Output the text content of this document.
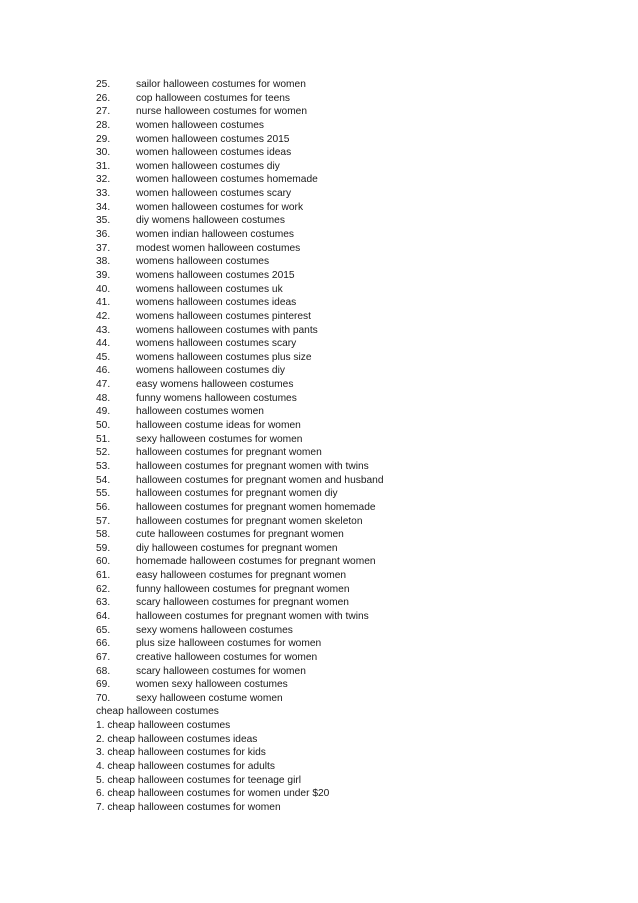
25.	sailor halloween costumes for women
26.	cop halloween costumes for teens
27.	nurse halloween costumes for women
28.	women halloween costumes
29.	women halloween costumes 2015
30.	women halloween costumes ideas
31.	women halloween costumes diy
32.	women halloween costumes homemade
33.	women halloween costumes scary
34.	women halloween costumes for work
35.	diy womens halloween costumes
36.	women indian halloween costumes
37.	modest women halloween costumes
38.	womens halloween costumes
39.	womens halloween costumes 2015
40.	womens halloween costumes uk
41.	womens halloween costumes ideas
42.	womens halloween costumes pinterest
43.	womens halloween costumes with pants
44.	womens halloween costumes scary
45.	womens halloween costumes plus size
46.	womens halloween costumes diy
47.	easy womens halloween costumes
48.	funny womens halloween costumes
49.	halloween costumes women
50.	halloween costume ideas for women
51.	sexy halloween costumes for women
52.	halloween costumes for pregnant women
53.	halloween costumes for pregnant women with twins
54.	halloween costumes for pregnant women and husband
55.	halloween costumes for pregnant women diy
56.	halloween costumes for pregnant women homemade
57.	halloween costumes for pregnant women skeleton
58.	cute halloween costumes for pregnant women
59.	diy halloween costumes for pregnant women
60.	homemade halloween costumes for pregnant women
61.	easy halloween costumes for pregnant women
62.	funny halloween costumes for pregnant women
63.	scary halloween costumes for pregnant women
64.	halloween costumes for pregnant women with twins
65.	sexy womens halloween costumes
66.	plus size halloween costumes for women
67.	creative halloween costumes for women
68.	scary halloween costumes for women
69.	women sexy halloween costumes
70.	sexy halloween costume women
cheap halloween costumes
1. cheap halloween costumes
2. cheap halloween costumes ideas
3. cheap halloween costumes for kids
4. cheap halloween costumes for adults
5. cheap halloween costumes for teenage girl
6. cheap halloween costumes for women under $20
7. cheap halloween costumes for women
